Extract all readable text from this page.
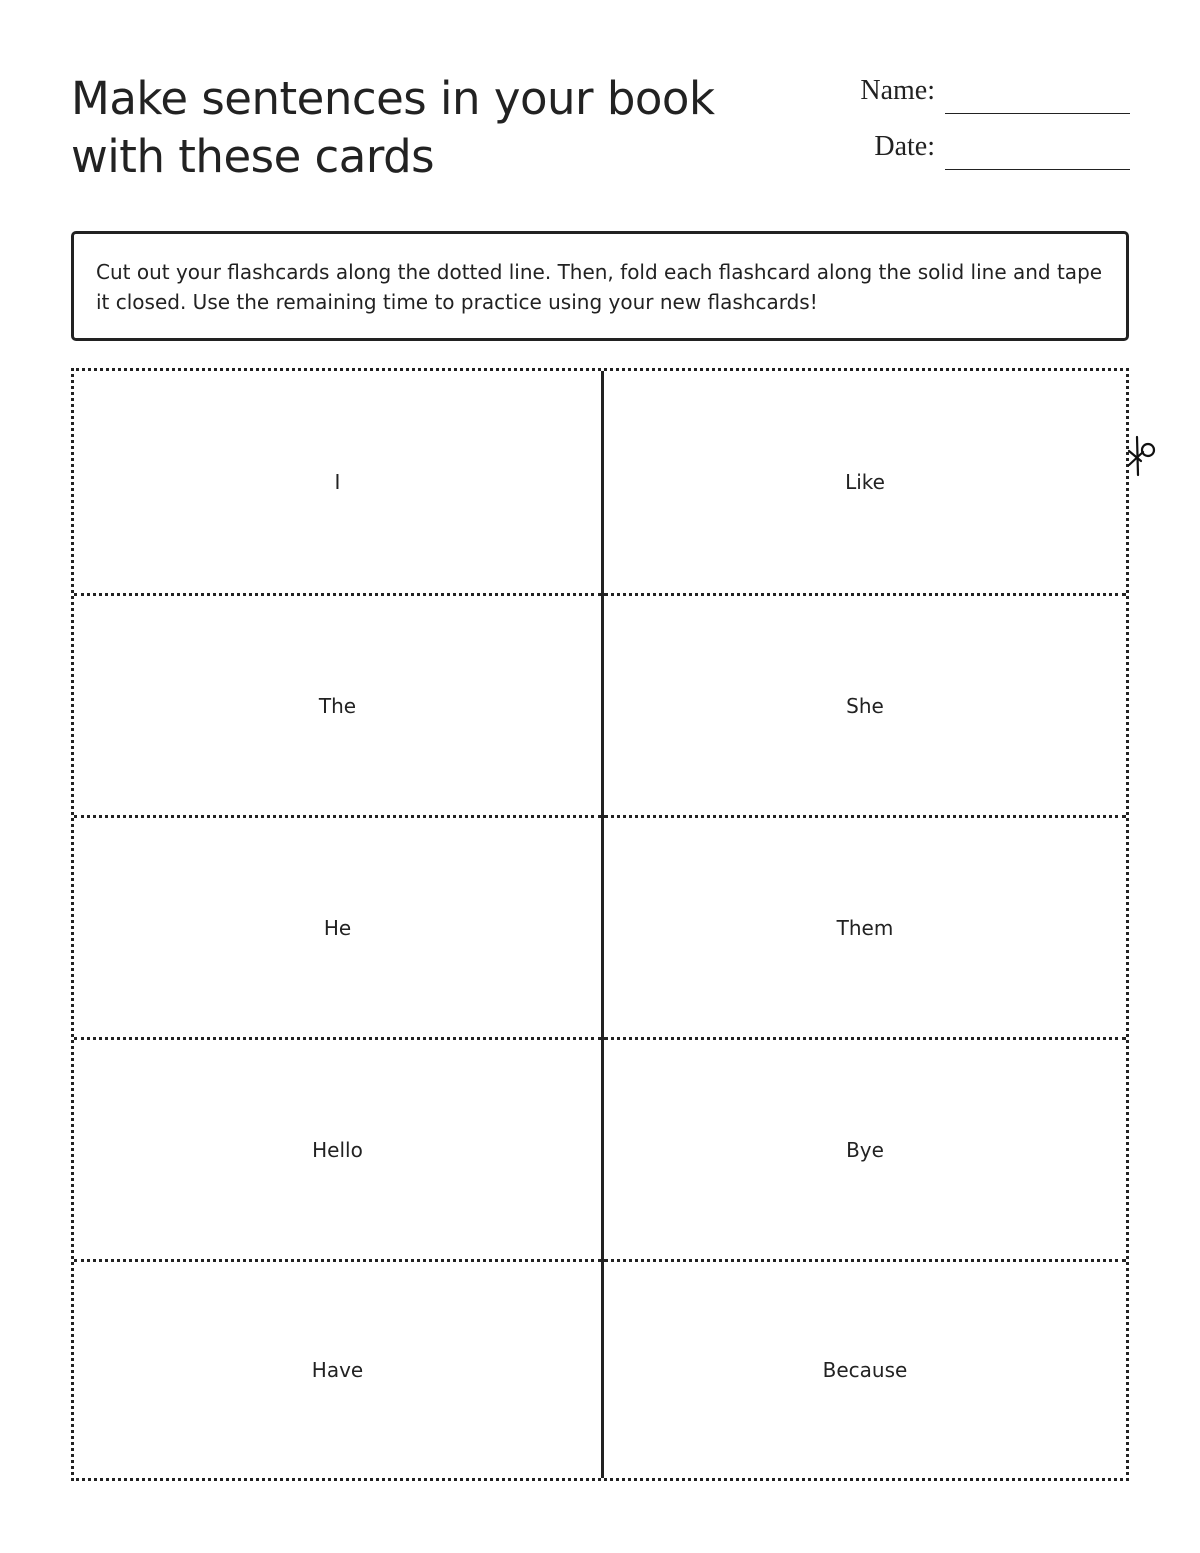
Make sentences in your book with these cards
Name:
Date:
Cut out your flashcards along the dotted line. Then, fold each flashcard along the solid line and tape it closed. Use the remaining time to practice using your new flashcards!
I	Like
The	She
He	Them
Hello	Bye
Have	Because
